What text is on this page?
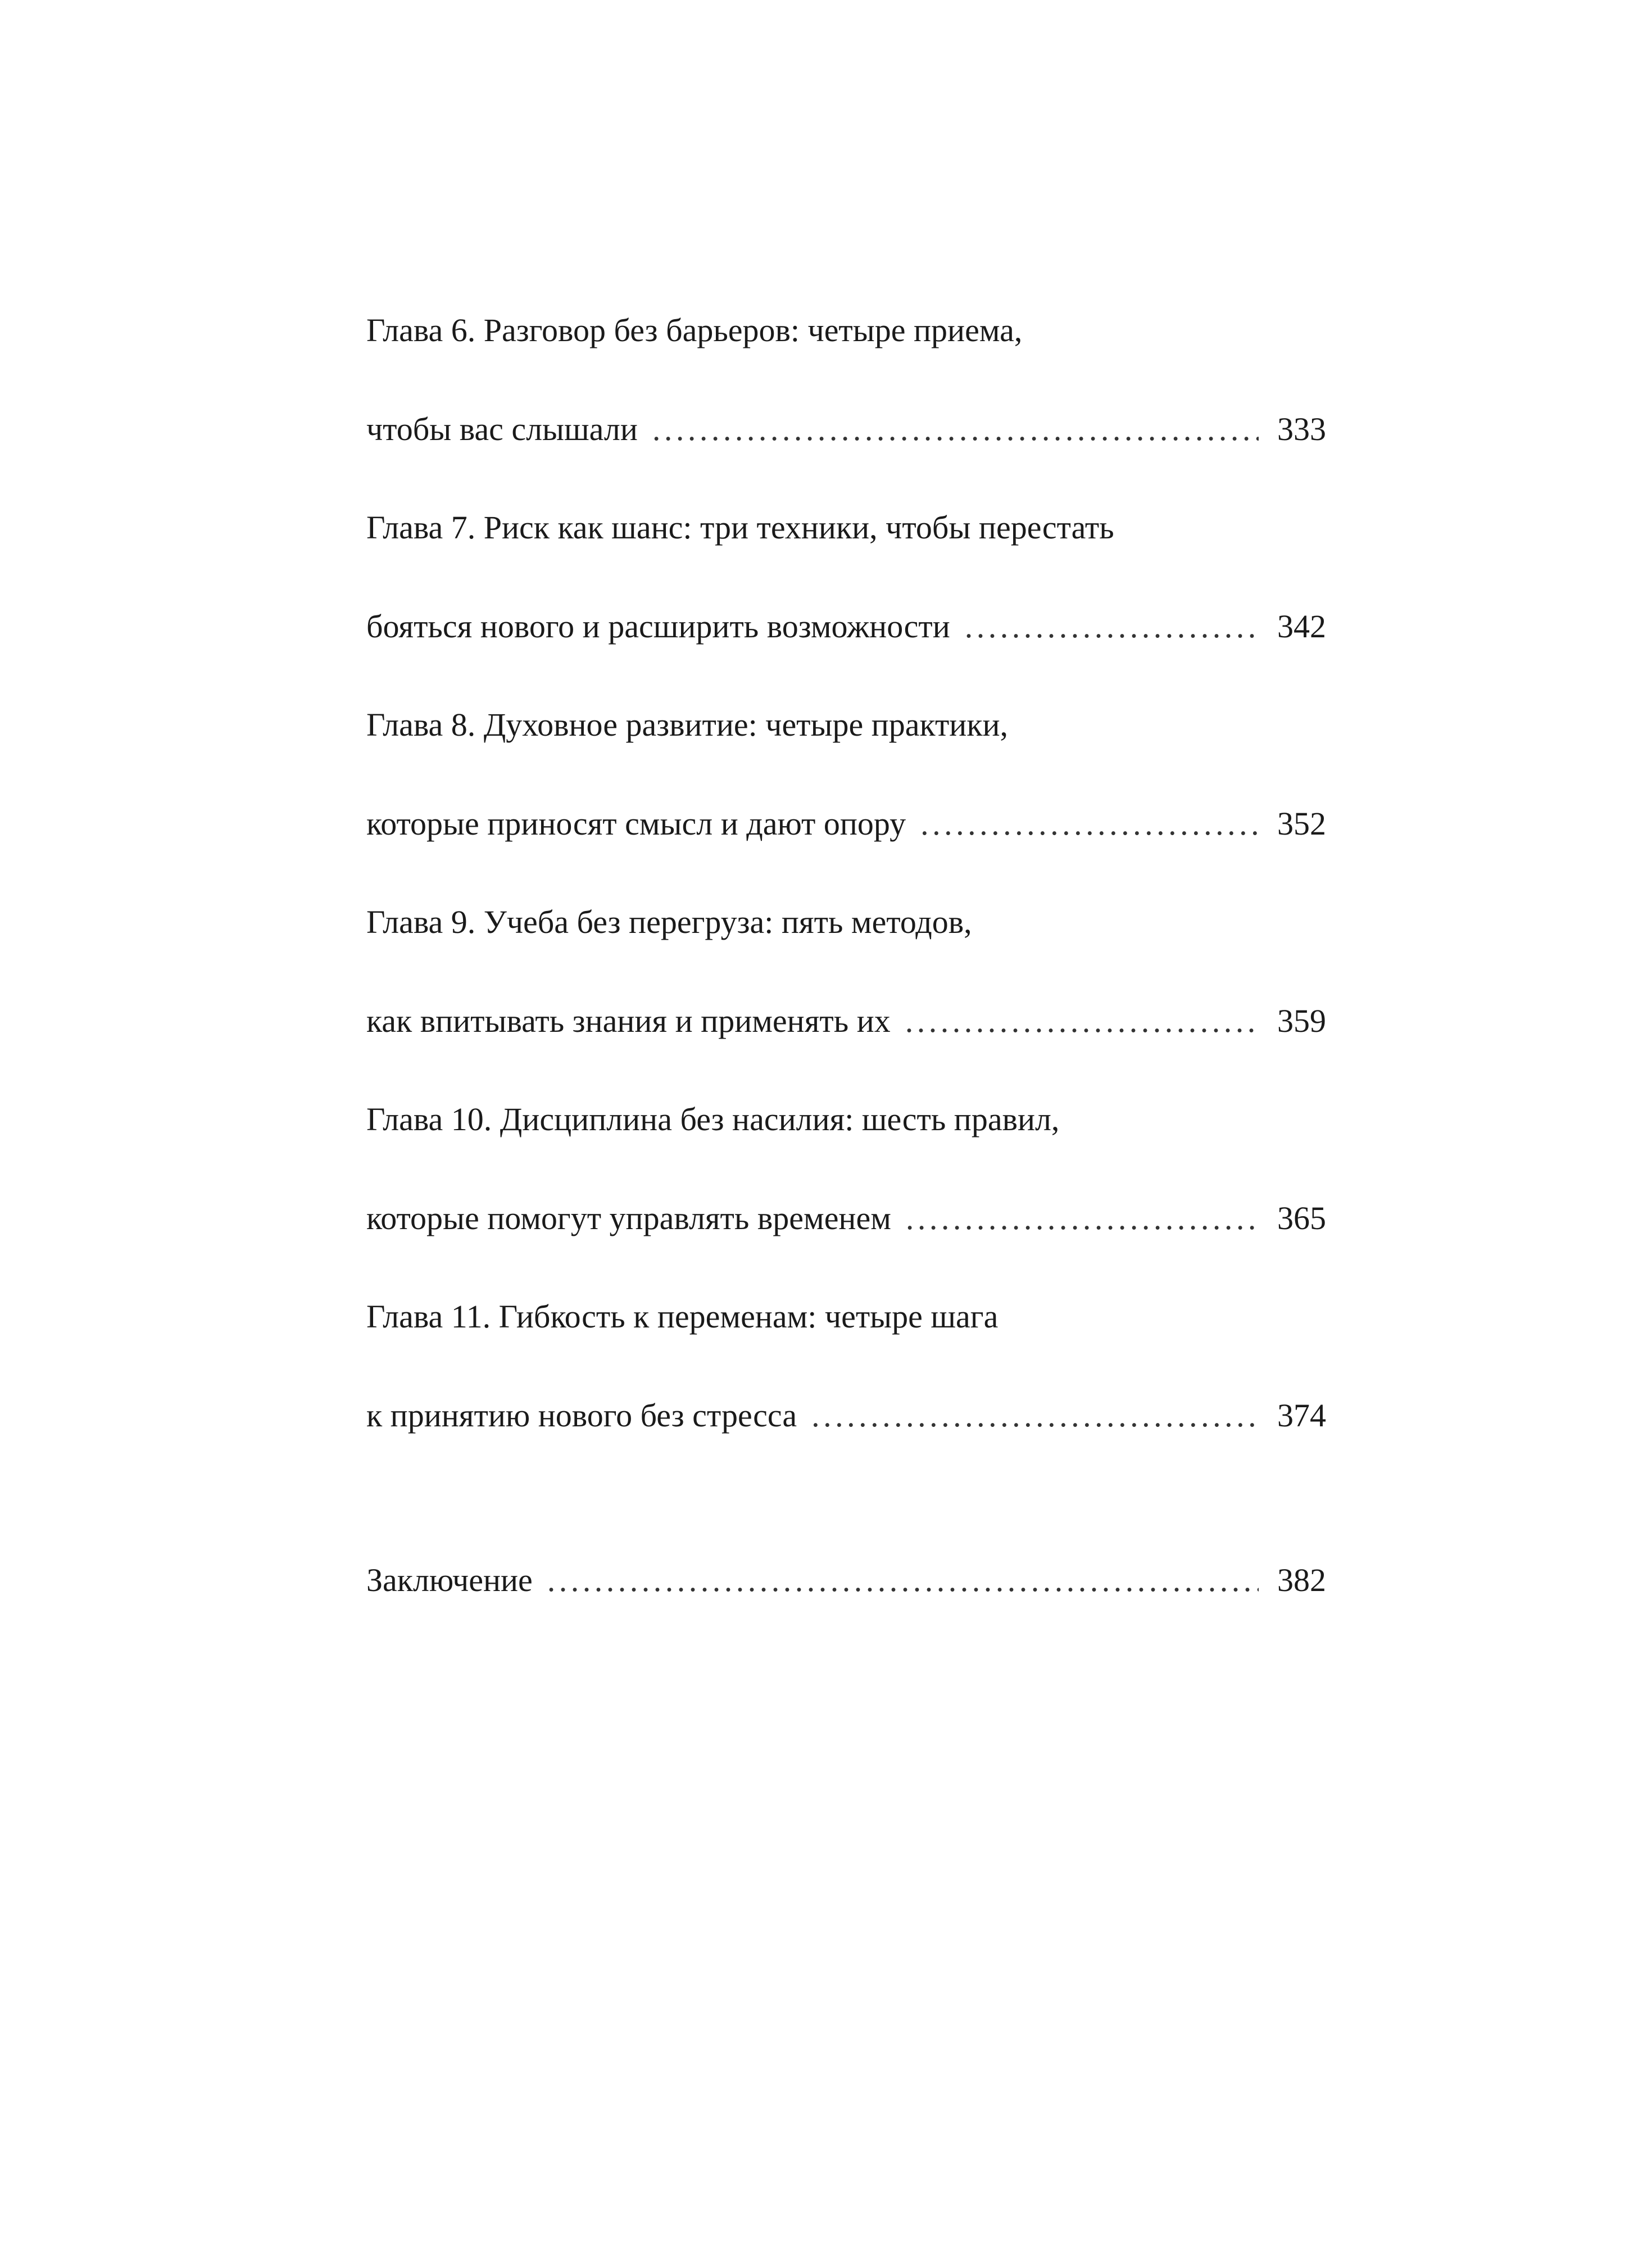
Глава 6. Разговор без барьеров: четыре приема,
чтобы вас слышали . . .	333
Глава 7. Риск как шанс: три техники, чтобы перестать
бояться нового и расширить возможности . . .	342
Глава 8. Духовное развитие: четыре практики,
которые приносят смысл и дают опору . . .	352
Глава 9. Учеба без перегруза: пять методов,
как впитывать знания и применять их . . .	359
Глава 10. Дисциплина без насилия: шесть правил,
которые помогут управлять временем . . .	365
Глава 11. Гибкость к переменам: четыре шага
к принятию нового без стресса . . .	374
Заключение . . .	382
